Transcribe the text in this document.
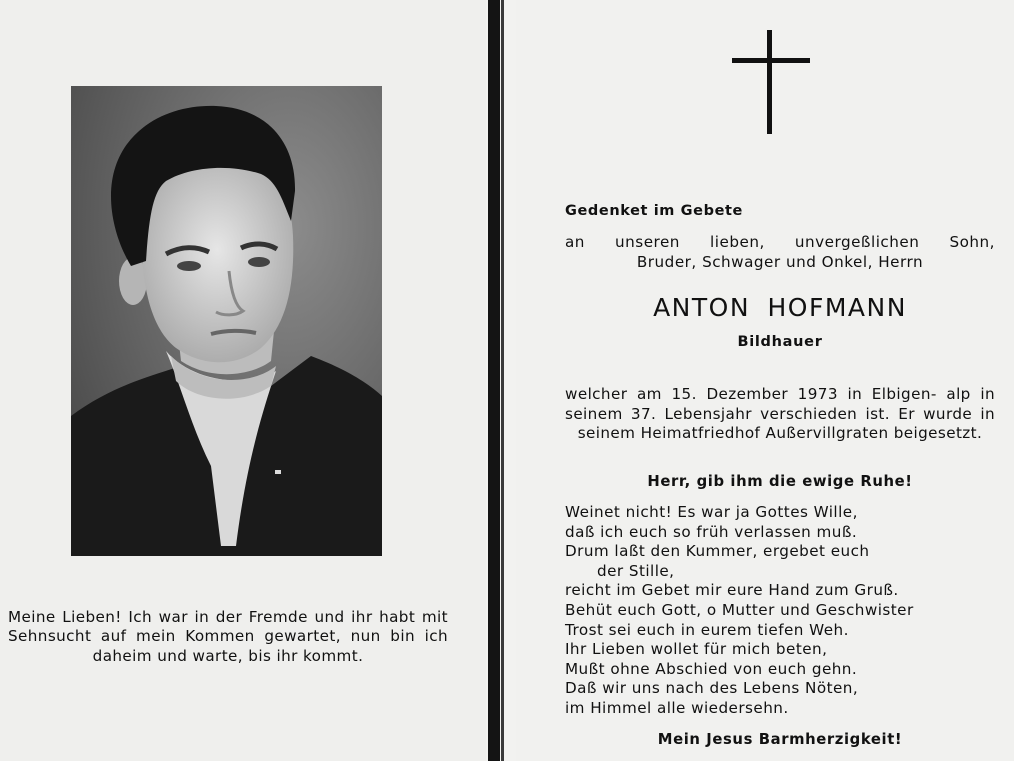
Meine Lieben! Ich war in der Fremde und ihr habt mit Sehnsucht auf mein Kommen gewartet, nun bin ich daheim und warte, bis ihr kommt.
Gedenket im Gebete
an unseren lieben, unvergeßlichen Sohn,
Bruder, Schwager und Onkel, Herrn
ANTON HOFMANN
Bildhauer
welcher am 15. Dezember 1973 in Elbigen- alp in seinem 37. Lebensjahr verschieden ist. Er wurde in seinem Heimatfriedhof Außervillgraten beigesetzt.
Herr, gib ihm die ewige Ruhe!
Weinet nicht! Es war ja Gottes Wille,
daß ich euch so früh verlassen muß.
Drum laßt den Kummer, ergebet euch
der Stille,
reicht im Gebet mir eure Hand zum Gruß.
Behüt euch Gott, o Mutter und Geschwister
Trost sei euch in eurem tiefen Weh.
Ihr Lieben wollet für mich beten,
Mußt ohne Abschied von euch gehn.
Daß wir uns nach des Lebens Nöten,
im Himmel alle wiedersehn.
Mein Jesus Barmherzigkeit!
